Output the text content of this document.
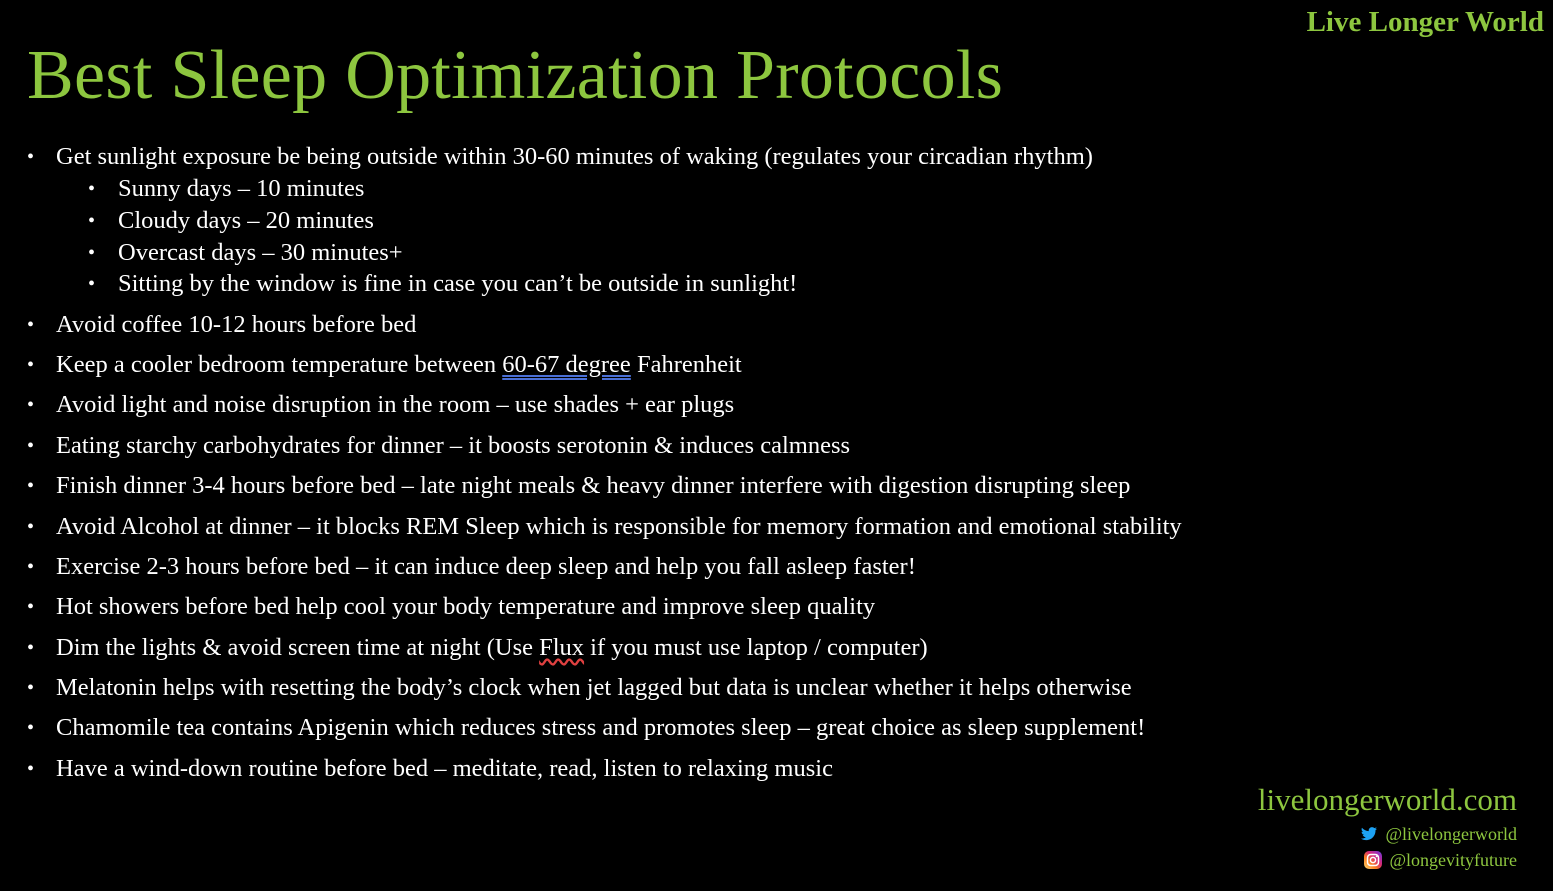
Live Longer World
Best Sleep Optimization Protocols
• Get sunlight exposure be being outside within 30-60 minutes of waking (regulates your circadian rhythm)
• Sunny days – 10 minutes
• Cloudy days – 20 minutes
• Overcast days – 30 minutes+
• Sitting by the window is fine in case you can’t be outside in sunlight!
• Avoid coffee 10-12 hours before bed
• Keep a cooler bedroom temperature between 60-67 degree Fahrenheit
• Avoid light and noise disruption in the room – use shades + ear plugs
• Eating starchy carbohydrates for dinner – it boosts serotonin & induces calmness
• Finish dinner 3-4 hours before bed – late night meals & heavy dinner interfere with digestion disrupting sleep
• Avoid Alcohol at dinner – it blocks REM Sleep which is responsible for memory formation and emotional stability
• Exercise 2-3 hours before bed – it can induce deep sleep and help you fall asleep faster!
• Hot showers before bed help cool your body temperature and improve sleep quality
• Dim the lights & avoid screen time at night (Use Flux if you must use laptop / computer)
• Melatonin helps with resetting the body’s clock when jet lagged but data is unclear whether it helps otherwise
• Chamomile tea contains Apigenin which reduces stress and promotes sleep – great choice as sleep supplement!
• Have a wind-down routine before bed – meditate, read, listen to relaxing music
livelongerworld.com
@livelongerworld
@longevityfuture
